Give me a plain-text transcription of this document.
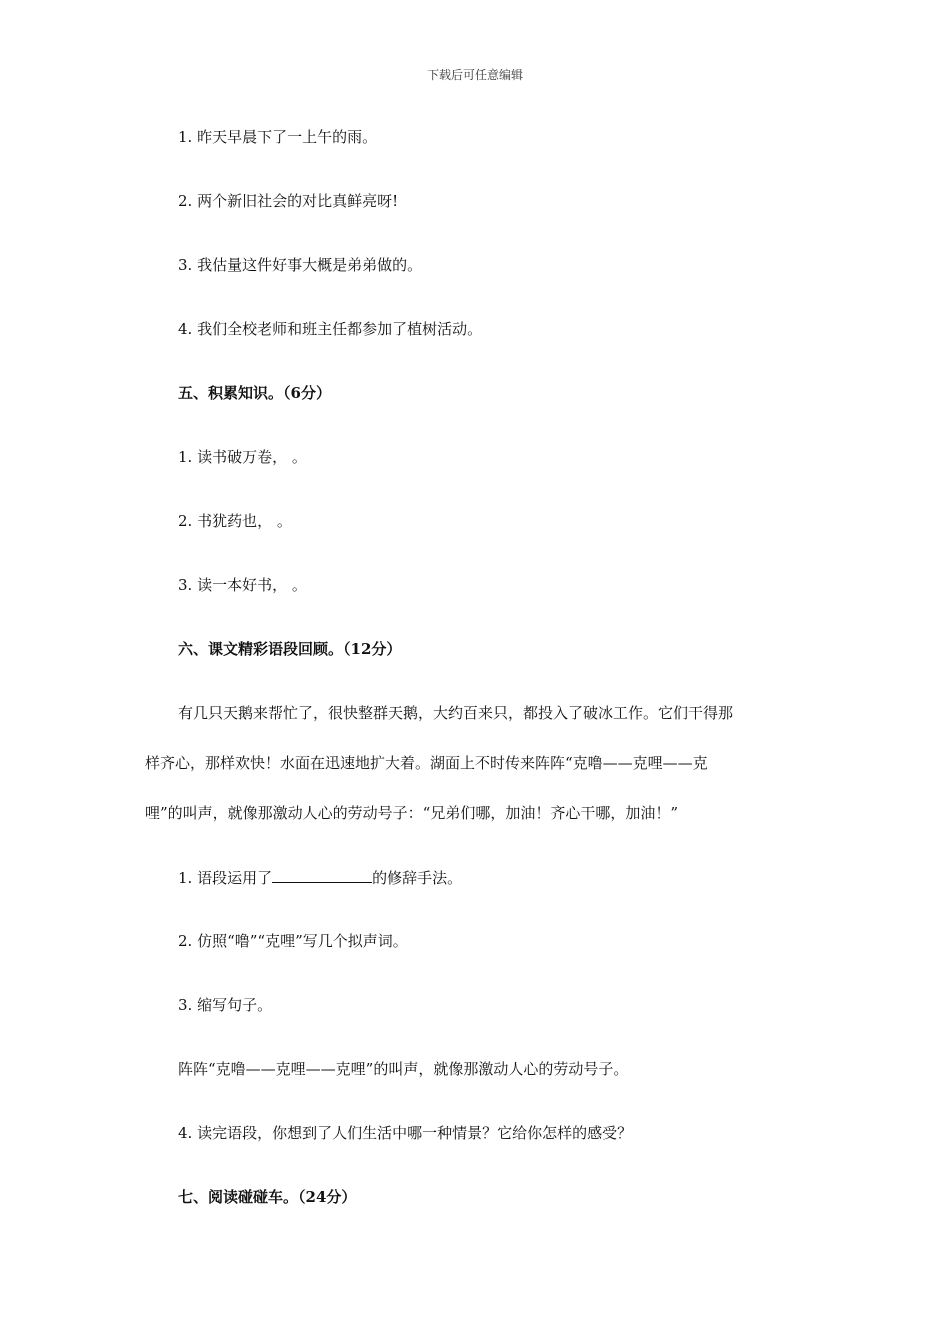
下载后可任意编辑
1. 昨天早晨下了一上午的雨。
2. 两个新旧社会的对比真鲜亮呀!
3. 我估量这件好事大概是弟弟做的。
4. 我们全校老师和班主任都参加了植树活动。
五、积累知识。（6分）
1. 读书破万卷， 。
2. 书犹药也， 。
3. 读一本好书， 。
六、课文精彩语段回顾。（12分）
有几只天鹅来帮忙了，很快整群天鹅，大约百来只，都投入了破冰工作。它们干得那
样齐心，那样欢快！水面在迅速地扩大着。湖面上不时传来阵阵“克噜——克哩——克
哩”的叫声，就像那激动人心的劳动号子：“兄弟们哪，加油！齐心干哪，加油！”
1. 语段运用了	的修辞手法。
2. 仿照“噜”“克哩”写几个拟声词。
3. 缩写句子。
阵阵“克噜——克哩——克哩”的叫声，就像那激动人心的劳动号子。
4. 读完语段，你想到了人们生活中哪一种情景？它给你怎样的感受？
七、阅读碰碰车。（24分）
